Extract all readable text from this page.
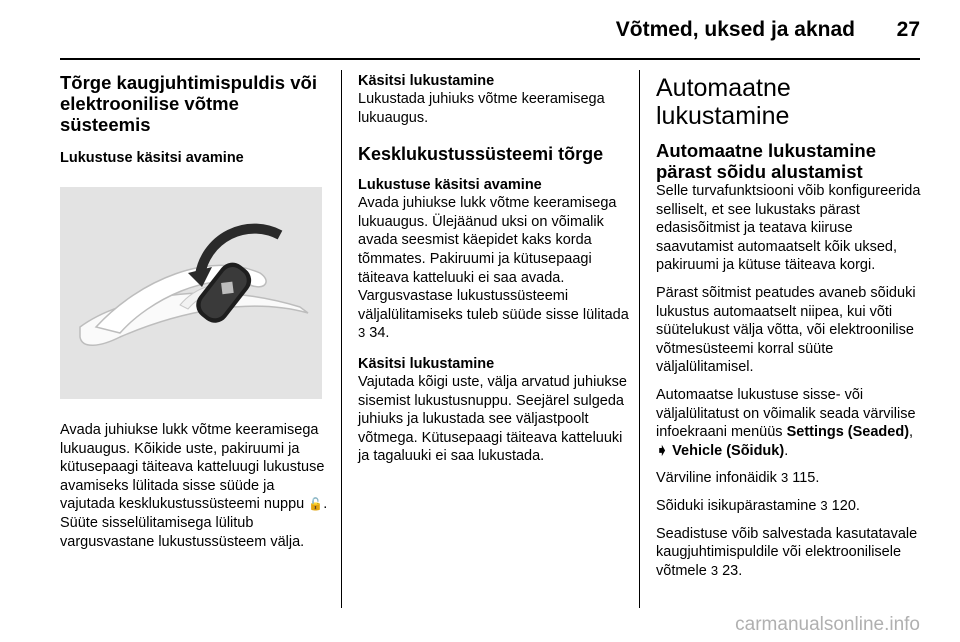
Võtmed, uksed ja aknad 27
Tõrge kaugjuhtimispuldis või elektroonilise võtme süsteemis
Lukustuse käsitsi avamine

Avada juhiukse lukk võtme keeramisega lukuaugus. Kõikide uste, pakiruumi ja kütusepaagi täiteava katteluugi lukustuse avamiseks lülitada sisse süüde ja vajutada kesklukustussüsteemi nuppu 🔓. Süüte sisselülitamisega lülitub vargusvastane lukustussüsteem välja.

Käsitsi lukustamine

Lukustada juhiuks võtme keeramisega lukuaugus.

Kesklukustussüsteemi tõrge
Lukustuse käsitsi avamine

Avada juhiukse lukk võtme keeramisega lukuaugus. Ülejäänud uksi on võimalik avada seesmist käepidet kaks korda tõmmates. Pakiruumi ja kütusepaagi täiteava katteluuki ei saa avada. Vargusvastase lukustussüsteemi väljalülitamiseks tuleb süüde sisse lülitada 3 34.

Käsitsi lukustamine

Vajutada kõigi uste, välja arvatud juhiukse sisemist lukustusnuppu. Seejärel sulgeda juhiuks ja lukustada see väljastpoolt võtmega. Kütusepaagi täiteava katteluuki ja tagaluuki ei saa lukustada.

Automaatne lukustamine
Automaatne lukustamine pärast sõidu alustamist

Selle turvafunktsiooni võib konfigureerida selliselt, et see lukustaks pärast edasisõitmist ja teatava kiiruse saavutamist automaatselt kõik uksed, pakiruumi ja kütuse täiteava korgi.

Pärast sõitmist peatudes avaneb sõiduki lukustus automaatselt niipea, kui võti süütelukust välja võtta, või elektroonilise võtmesüsteemi korral süüte väljalülitamisel.

Automaatse lukustuse sisse- või väljalülitatust on võimalik seada värvilise infoekraani menüüs Settings (Seaded), ➧ Vehicle (Sõiduk).

Värviline infonäidik 3 115.

Sõiduki isikupärastamine 3 120.

Seadistuse võib salvestada kasutatavale kaugjuhtimispuldile või elektroonilisele võtmele 3 23.

carmanualsonline.info
